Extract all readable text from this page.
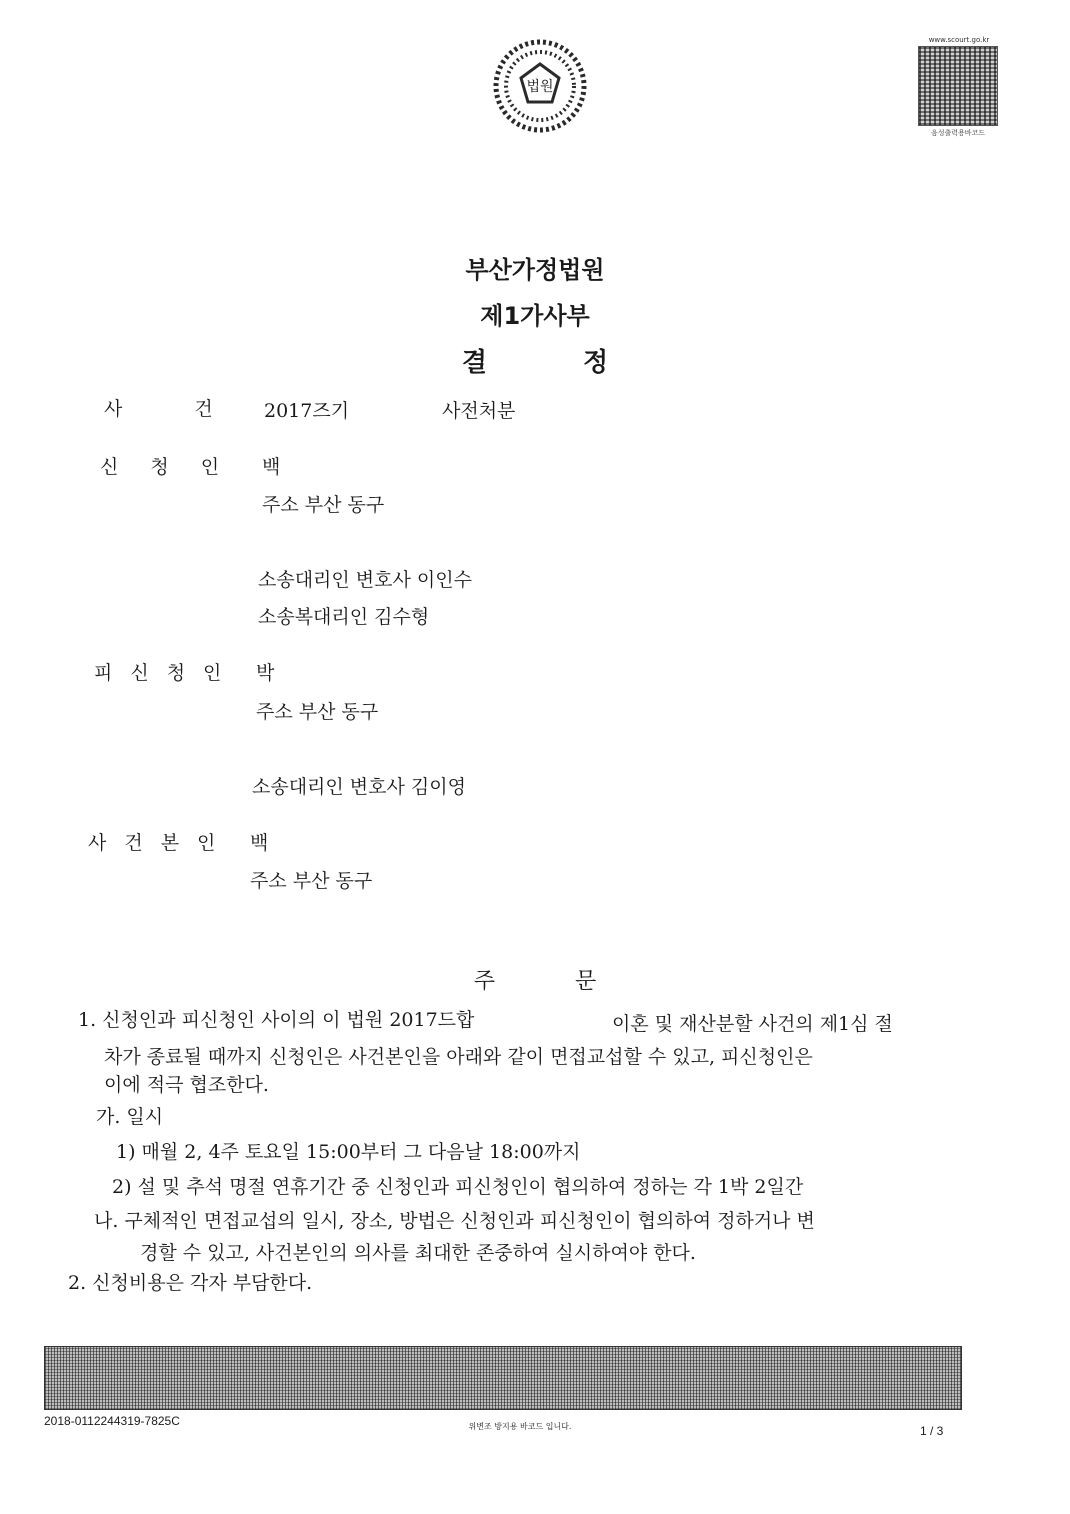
법원
www.scourt.go.kr
음성출력용바코드
부산가정법원
제1가사부
결정
사건
2017즈기	사전처분
신청인 백
주소 부산 동구
소송대리인 변호사 이인수
소송복대리인 김수형
피신청인 박
주소 부산 동구
소송대리인 변호사 김이영
사건본인 백
주소 부산 동구
주문
1. 신청인과 피신청인 사이의 이 법원 2017드합	이혼 및 재산분할 사건의 제1심 절
차가 종료될 때까지 신청인은 사건본인을 아래와 같이 면접교섭할 수 있고, 피신청인은
이에 적극 협조한다.
가. 일시
1) 매월 2, 4주 토요일 15:00부터 그 다음날 18:00까지
2) 설 및 추석 명절 연휴기간 중 신청인과 피신청인이 협의하여 정하는 각 1박 2일간
나. 구체적인 면접교섭의 일시, 장소, 방법은 신청인과 피신청인이 협의하여 정하거나 변
경할 수 있고, 사건본인의 의사를 최대한 존중하여 실시하여야 한다.
2. 신청비용은 각자 부담한다.
2018-0112244319-7825C	위변조 방지용 바코드 입니다.	1 / 3
